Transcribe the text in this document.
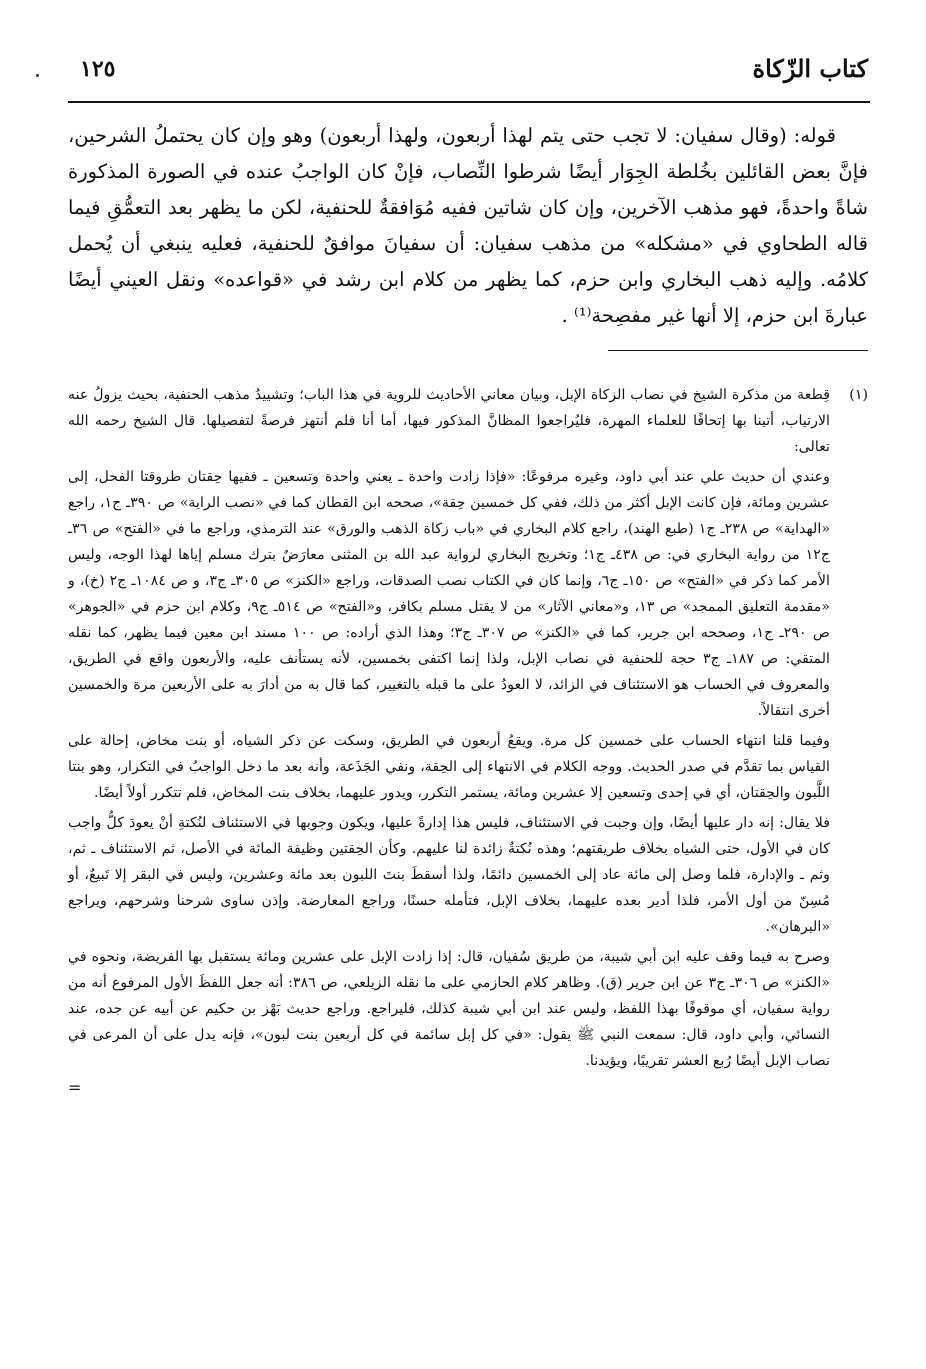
كتاب الزّكاة
١٢٥
قوله: (وقال سفيان: لا تجب حتى يتم لهذا أربعون، ولهذا أربعون) وهو وإن كان يحتملُ الشرحين، فإنَّ بعض القائلين بخُلطة الجِوَار أيضًا شرطوا النِّصاب، فإنْ كان الواجبُ عنده في الصورة المذكورة شاةً واحدةً، فهو مذهب الآخرين، وإن كان شاتين ففيه مُوَافقةٌ للحنفية، لكن ما يظهر بعد التعمُّقِ فيما قاله الطحاوي في «مشكله» من مذهب سفيان: أن سفيانَ موافقٌ للحنفية، فعليه ينبغي أن يُحمل كلامُه. وإليه ذهب البخاري وابن حزم، كما يظهر من كلام ابن رشد في «قواعده» ونقل العيني أيضًا عبارةَ ابن حزم، إلا أنها غير مفصِحة⁽¹⁾ .
(١)

قِطعة من مذكرة الشيخ في نصاب الزكاة الإبل، وبيان معاني الأحاديث للروية في هذا الباب؛ وتشييدُ مذهب الحنفية، بحيث يزولُ عنه الارتياب، أتينا بها إتحافًا للعلماء المهرة، فليُراجعوا المظانَّ المذكور فيها، أما أنا فلم أنتهز فرصةً لتفصيلها. قال الشيخ رحمه الله تعالى:

وعندي أن حديث علي عند أبي داود، وغيره مرفوعًا: «فإذا زادت واحدة ـ يعني واحدة وتسعين ـ ففيها حِقتان طروقتا الفحل، إلى عشرين ومائة، فإن كانت الإبل أكثر من ذلك، ففي كل خمسين حِقة»، صححه ابن القطان كما في «نصب الراية» ص ٣٩٠ـ ج١، راجع «الهداية» ص ٢٣٨ـ ج١ (طبع الهند)، راجع كلام البخاري في «باب زكاة الذهب والورق» عند الترمذي، وراجع ما في «الفتح» ص ٣٦ـ ج١٢ من رواية البخاري في: ص ٤٣٨ـ ج١؛ وتخريج البخاري لرواية عبد الله بن المثنى معارَضٌ بترك مسلم إياها لهذا الوجه، وليس الأمر كما ذكر في «الفتح» ص ١٥٠ـ ج٦، وإنما كان في الكتاب نصب الصدقات، وراجع «الكنز» ص ٣٠٥ـ ج٣، و ص ١٠٨٤ـ ج٢ (خ)، و «مقدمة التعليق الممجد» ص ١٣، و«معاني الآثار» من لا يقتل مسلم بكافر، و«الفتح» ص ٥١٤ـ ج٩، وكلام ابن حزم في «الجوهر» ص ٢٩٠ـ ج١، وصححه ابن جرير، كما في «الكنز» ص ٣٠٧ـ ج٣؛ وهذا الذي أراده: ص ١٠٠ مسند ابن معين فيما يظهر، كما نقله المتقي: ص ١٨٧ـ ج٣ حجة للحنفية في نصاب الإبل، ولذا إنما اكتفى بخمسين، لأنه يستأنف عليه، والأربعون واقع في الطريق، والمعروف في الحساب هو الاستئناف في الزائد، لا العودُ على ما قبله بالتغيير، كما قال به من أدارَ به على الأربعين مرة والخمسين أخرى انتقالاً.

وفيما قلنا انتهاء الحساب على خمسين كل مرة. ويقعُ أربعون في الطريق، وسكت عن ذكر الشياه، أو بنت مخاض، إحالة على القياس بما تقدَّم في صدر الحديث. ووجه الكلام في الانتهاء إلى الحِقة، ونفي الجَذَعة، وأنه بعد ما دخل الواجبُ في التكرار، وهو بنتا اللَّبون والحِقتان، أي في إحدى وتسعين إلا عشرين ومائة، يستمر التكرر، ويدور عليهما، بخلاف بنت المخاض، فلم تتكرر أولاً أيضًا.

فلا يقال: إنه دار عليها أيضًا، وإن وجبت في الاستئناف، فليس هذا إدارةً عليها، ويكون وجوبها في الاستئناف لنُكتةِ أنْ يعودَ كلُّ واجب كان في الأول، حتى الشياه بخلاف طريقتهم؛ وهذه نُكتةٌ زائدة لنا عليهم. وكأن الحِقتين وظيفة المائة في الأصل، ثم الاستئناف ـ ثم، وثم ـ والإدارة، فلما وصل إلى مائة عاد إلى الخمسين دائمًا، ولذا أسقطَ بنتَ اللبون بعد مائة وعشرين، وليس في البقر إلا تَبيعٌ، أو مُسِنّ من أول الأمر، فلذا أدير بعده عليهما، بخلاف الإبل، فتأمله حسنًا، وراجع المعارضة. وإذن ساوى شرحنا وشرحهم، ويراجع «البرهان».

وصرح به فيما وقف عليه ابن أبي شيبة، من طريق سُفيان، قال: إذا زادت الإبل على عشرين ومائة يستقبل بها الفريضة، ونحوه في «الكنز» ص ٣٠٦ـ ج٣ عن ابن جرير (ق). وظاهر كلام الحازمي على ما نقله الزيلعي، ص ٣٨٦: أنه جعل اللفظَ الأول المرفوع أنه من رواية سفيان، أي موقوفًا بهذا اللفظ، وليس عند ابن أبي شيبة كذلك، فليراجع. وراجع حديث بَهْز بن حكيم عن أبيه عن جده، عند النسائي، وأبي داود، قال: سمعت النبي ﷺ يقول: «في كل إبل سائمة في كل أربعين بنت لبون»، فإنه يدل على أن المرعى في نصاب الإبل أيضًا رُبع العشر تقريبًا، ويؤيدنا.

=
